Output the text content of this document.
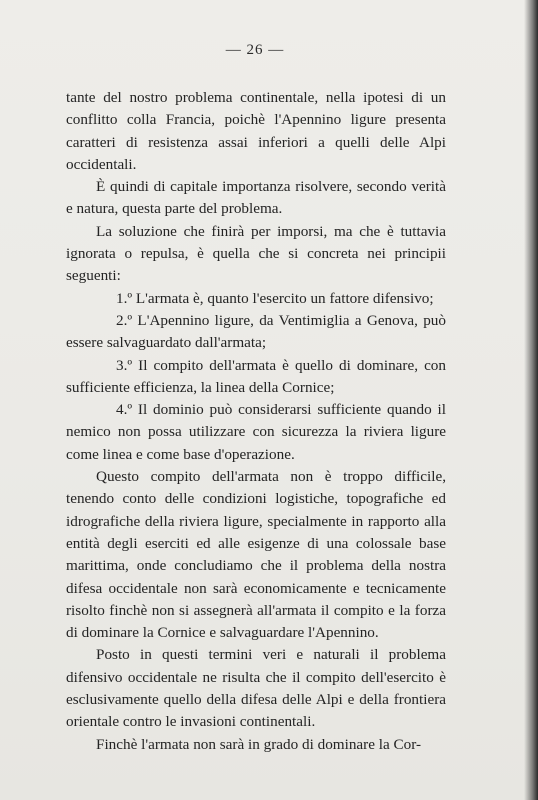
— 26 —

tante del nostro problema continentale, nella ipotesi di un conflitto colla Francia, poichè l'Apennino ligure presenta caratteri di resistenza assai inferiori a quelli delle Alpi occidentali.

È quindi di capitale importanza risolvere, secondo verità e natura, questa parte del problema.

La soluzione che finirà per imporsi, ma che è tuttavia ignorata o repulsa, è quella che si concreta nei principii seguenti:

1.º L'armata è, quanto l'esercito un fattore difensivo;

2.º L'Apennino ligure, da Ventimiglia a Genova, può essere salvaguardato dall'armata;

3.º Il compito dell'armata è quello di dominare, con sufficiente efficienza, la linea della Cornice;

4.º Il dominio può considerarsi sufficiente quando il nemico non possa utilizzare con sicurezza la riviera ligure come linea e come base d'operazione.

Questo compito dell'armata non è troppo difficile, tenendo conto delle condizioni logistiche, topografiche ed idrografiche della riviera ligure, specialmente in rapporto alla entità degli eserciti ed alle esigenze di una colossale base marittima, onde concludiamo che il problema della nostra difesa occidentale non sarà economicamente e tecnicamente risolto finchè non si assegnerà all'armata il compito e la forza di dominare la Cornice e salvaguardare l'Apennino.

Posto in questi termini veri e naturali il problema difensivo occidentale ne risulta che il compito dell'esercito è esclusivamente quello della difesa delle Alpi e della frontiera orientale contro le invasioni continentali.

Finchè l'armata non sarà in grado di dominare la Cor-
